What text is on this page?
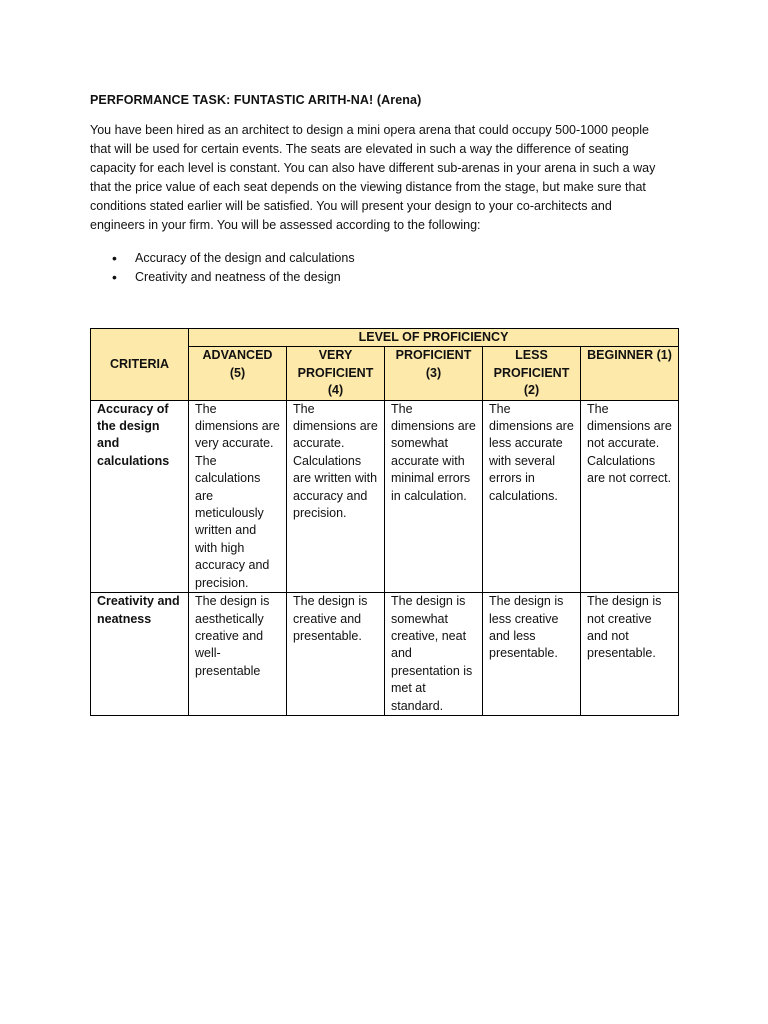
PERFORMANCE TASK: FUNTASTIC ARITH-NA! (Arena)

You have been hired as an architect to design a mini opera arena that could occupy 500-1000 people that will be used for certain events. The seats are elevated in such a way the difference of seating capacity for each level is constant. You can also have different sub-arenas in your arena in such a way that the price value of each seat depends on the viewing distance from the stage, but make sure that conditions stated earlier will be satisfied. You will present your design to your co-architects and engineers in your firm. You will be assessed according to the following:

• Accuracy of the design and calculations
• Creativity and neatness of the design
CRITERIA	LEVEL OF PROFICIENCY				
	ADVANCED (5)	VERY PROFICIENT (4)	PROFICIENT (3)	LESS PROFICIENT (2)	BEGINNER (1)
Accuracy of the design and calculations	The dimensions are very accurate. The calculations are meticulously written and with high accuracy and precision.	The dimensions are accurate. Calculations are written with accuracy and precision.	The dimensions are somewhat accurate with minimal errors in calculation.	The dimensions are less accurate with several errors in calculations.	The dimensions are not accurate. Calculations are not correct.
Creativity and neatness	The design is aesthetically creative and well-presentable	The design is creative and presentable.	The design is somewhat creative, neat and presentation is met at standard.	The design is less creative and less presentable.	The design is not creative and not presentable.
